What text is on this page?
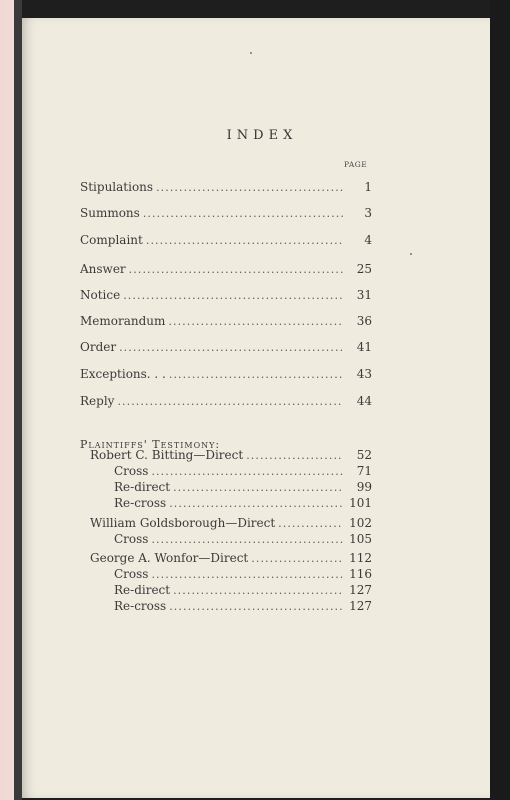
INDEX
PAGE
Stipulations . . .	1
Summons . . .	3
Complaint . . .	4
Answer . . .	25
Notice . . .	31
Memorandum . . .	36
Order . . .	41
Exceptions. . . . . .	43
Reply . . .	44
Plaintiffs' Testimony:
Robert C. Bitting—Direct . . .	52
Cross . . .	71
Re-direct . . .	99
Re-cross . . .	101
William Goldsborough—Direct . . .	102
Cross . . .	105
George A. Wonfor—Direct . . .	112
Cross . . .	116
Re-direct . . .	127
Re-cross . . .	127
